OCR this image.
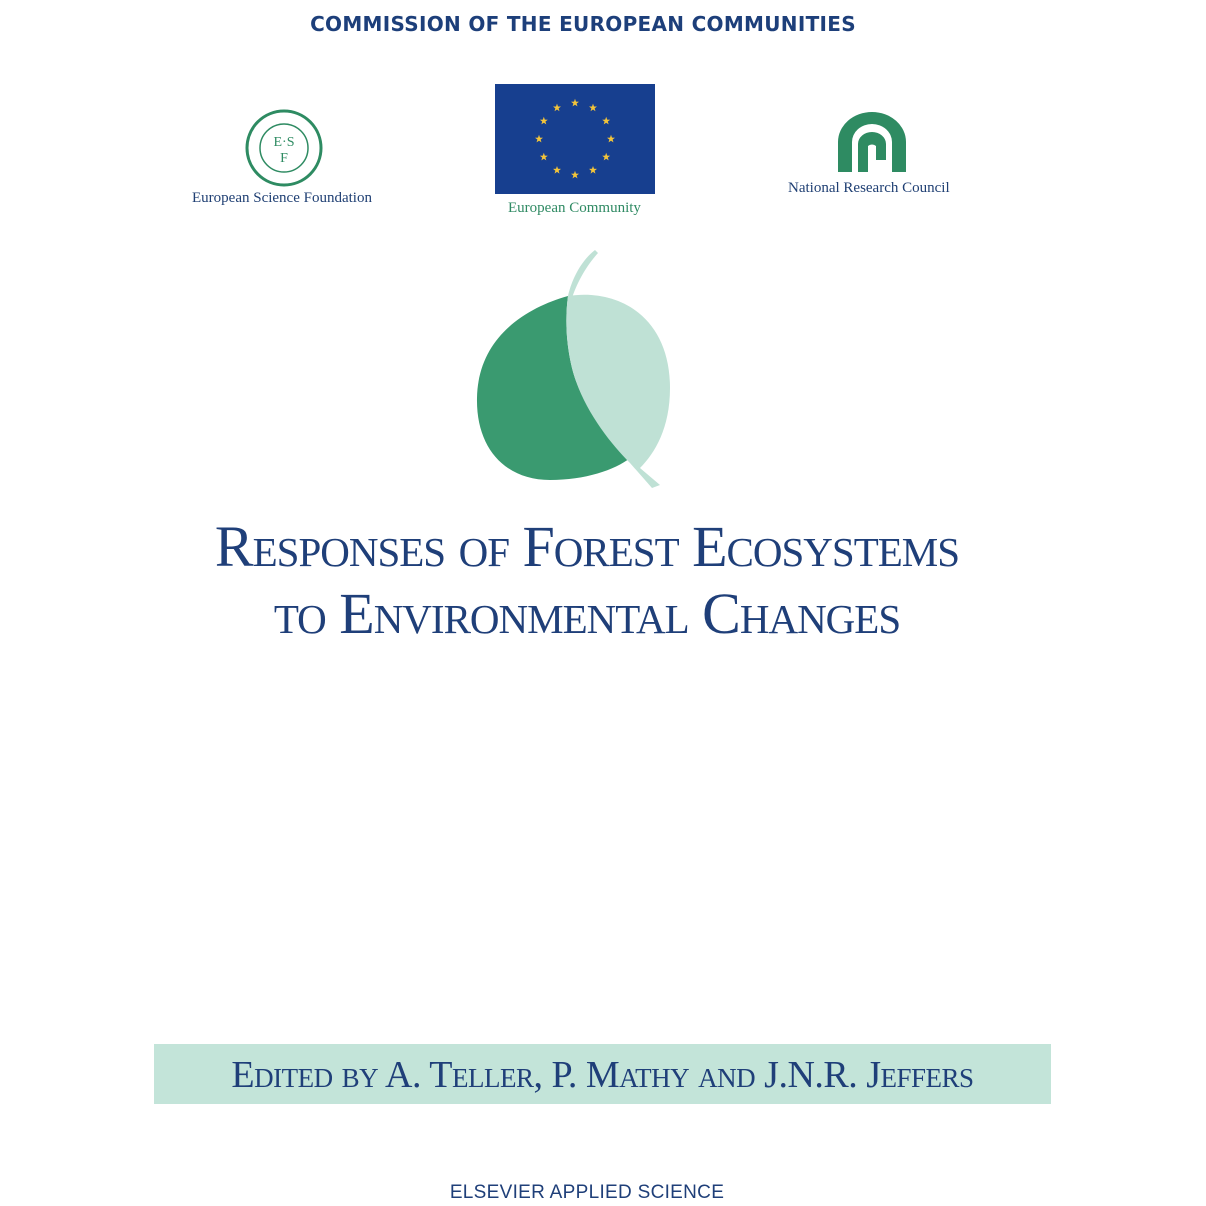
COMMISSION OF THE EUROPEAN COMMUNITIES
E·S
F
European Science Foundation
European Community
National Research Council
Responses of Forest Ecosystems
to Environmental Changes
Edited by A. Teller, P. Mathy and J.N.R. Jeffers
ELSEVIER APPLIED SCIENCE
